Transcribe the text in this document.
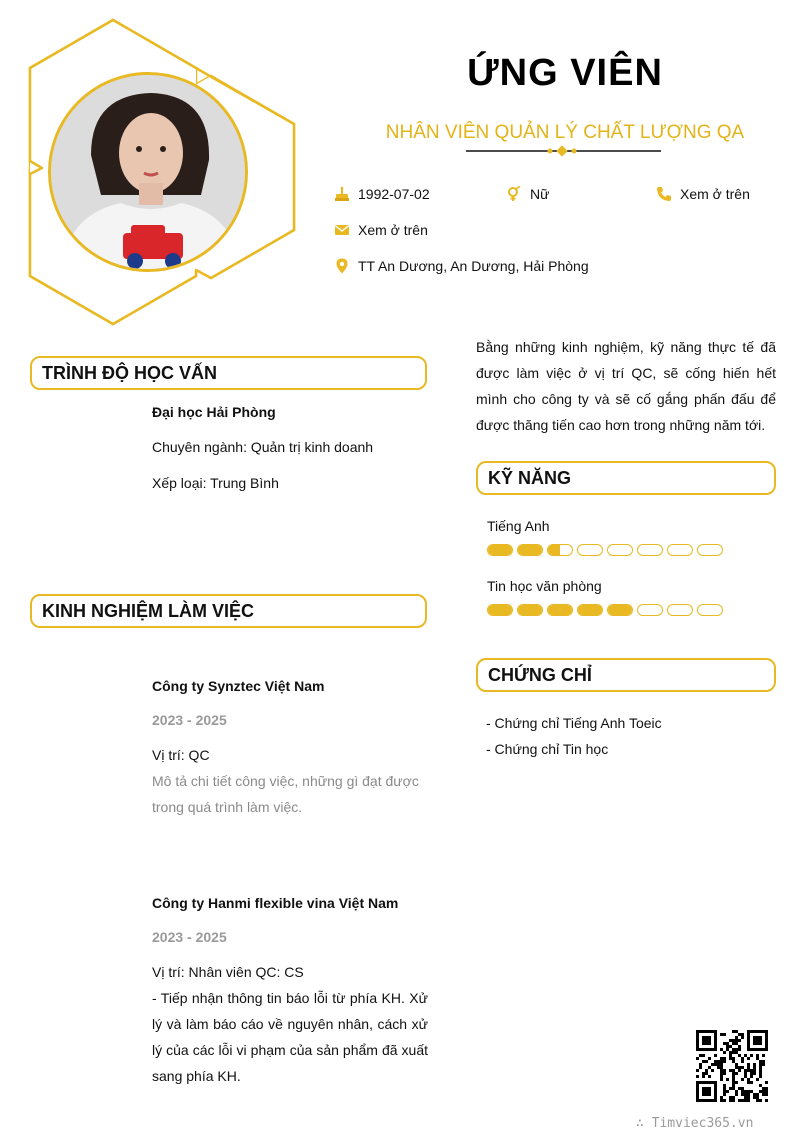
ỨNG VIÊN
NHÂN VIÊN QUẢN LÝ CHẤT LƯỢNG QA
1992-07-02	Nữ	Xem ở trên
Xem ở trên
TT An Dương, An Dương, Hải Phòng
TRÌNH ĐỘ HỌC VẤN
Đại học Hải Phòng
Chuyên ngành: Quản trị kinh doanh
Xếp loại: Trung Bình
KINH NGHIỆM LÀM VIỆC
Công ty Synztec Việt Nam
2023 - 2025
Vị trí: QC
Mô tả chi tiết công việc, những gì đạt được trong quá trình làm việc.
Công ty Hanmi flexible vina Việt Nam
2023 - 2025
Vị trí: Nhân viên QC: CS
- Tiếp nhận thông tin báo lỗi từ phía KH. Xử lý và làm báo cáo về nguyên nhân, cách xử lý của các lỗi vi phạm của sản phẩm đã xuất sang phía KH.
Bằng những kinh nghiệm, kỹ năng thực tế đã được làm việc ở vị trí QC, sẽ cống hiến hết mình cho công ty và sẽ cố gắng phấn đấu để được thăng tiến cao hơn trong những năm tới.
KỸ NĂNG
Tiếng Anh
Tin học văn phòng
CHỨNG CHỈ
- Chứng chỉ Tiếng Anh Toeic
- Chứng chỉ Tin học
∴ Timviec365.vn
